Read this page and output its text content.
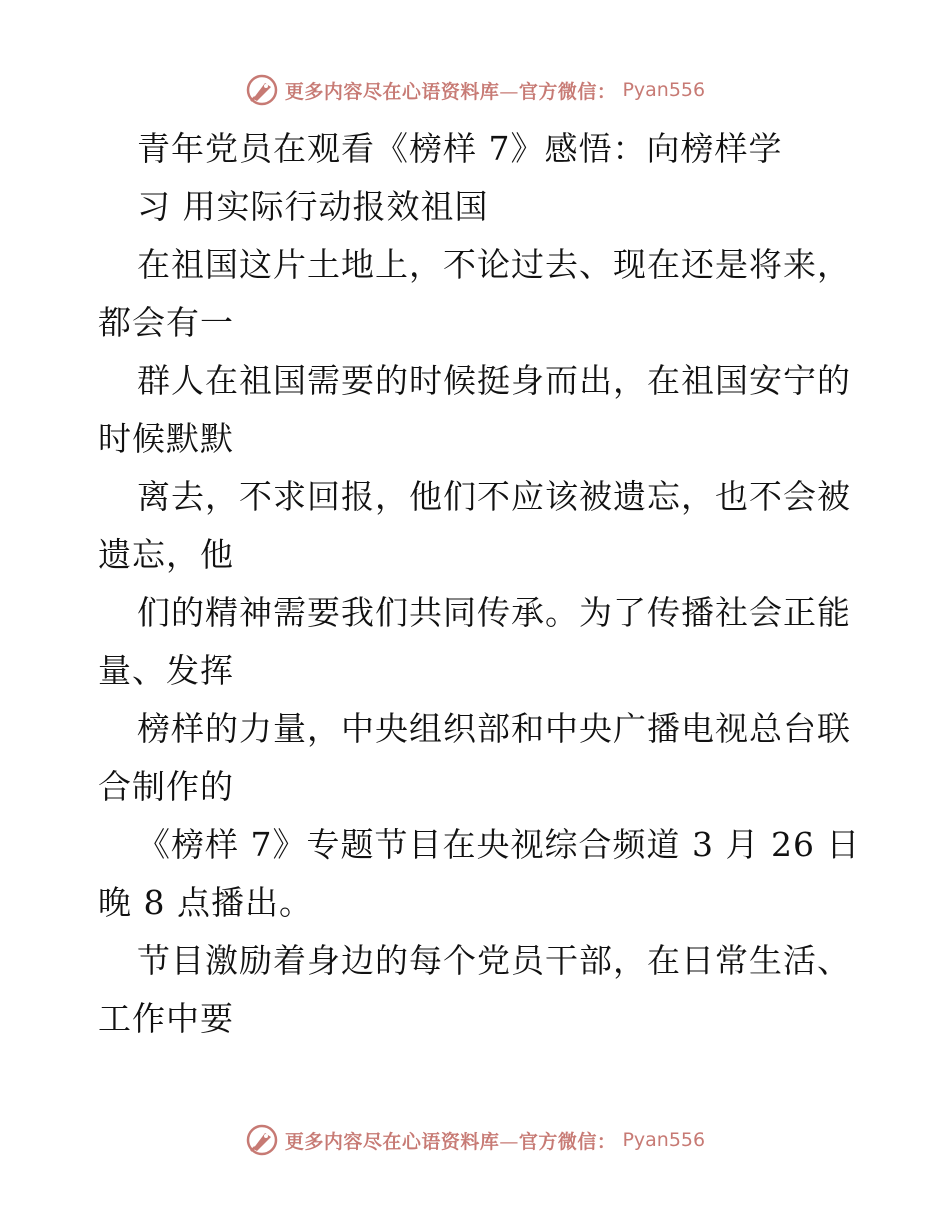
更多内容尽在心语资料库—官方微信： Pyan556
青年党员在观看《榜样 7》感悟：向榜样学
习 用实际行动报效祖国
在祖国这片土地上，不论过去、现在还是将来，
都会有一
群人在祖国需要的时候挺身而出，在祖国安宁的
时候默默
离去，不求回报，他们不应该被遗忘，也不会被
遗忘，他
们的精神需要我们共同传承。为了传播社会正能
量、发挥
榜样的力量，中央组织部和中央广播电视总台联
合制作的
《榜样 7》专题节目在央视综合频道 3 月 26 日
晚 8 点播出。
节目激励着身边的每个党员干部，在日常生活、
工作中要
更多内容尽在心语资料库—官方微信： Pyan556
